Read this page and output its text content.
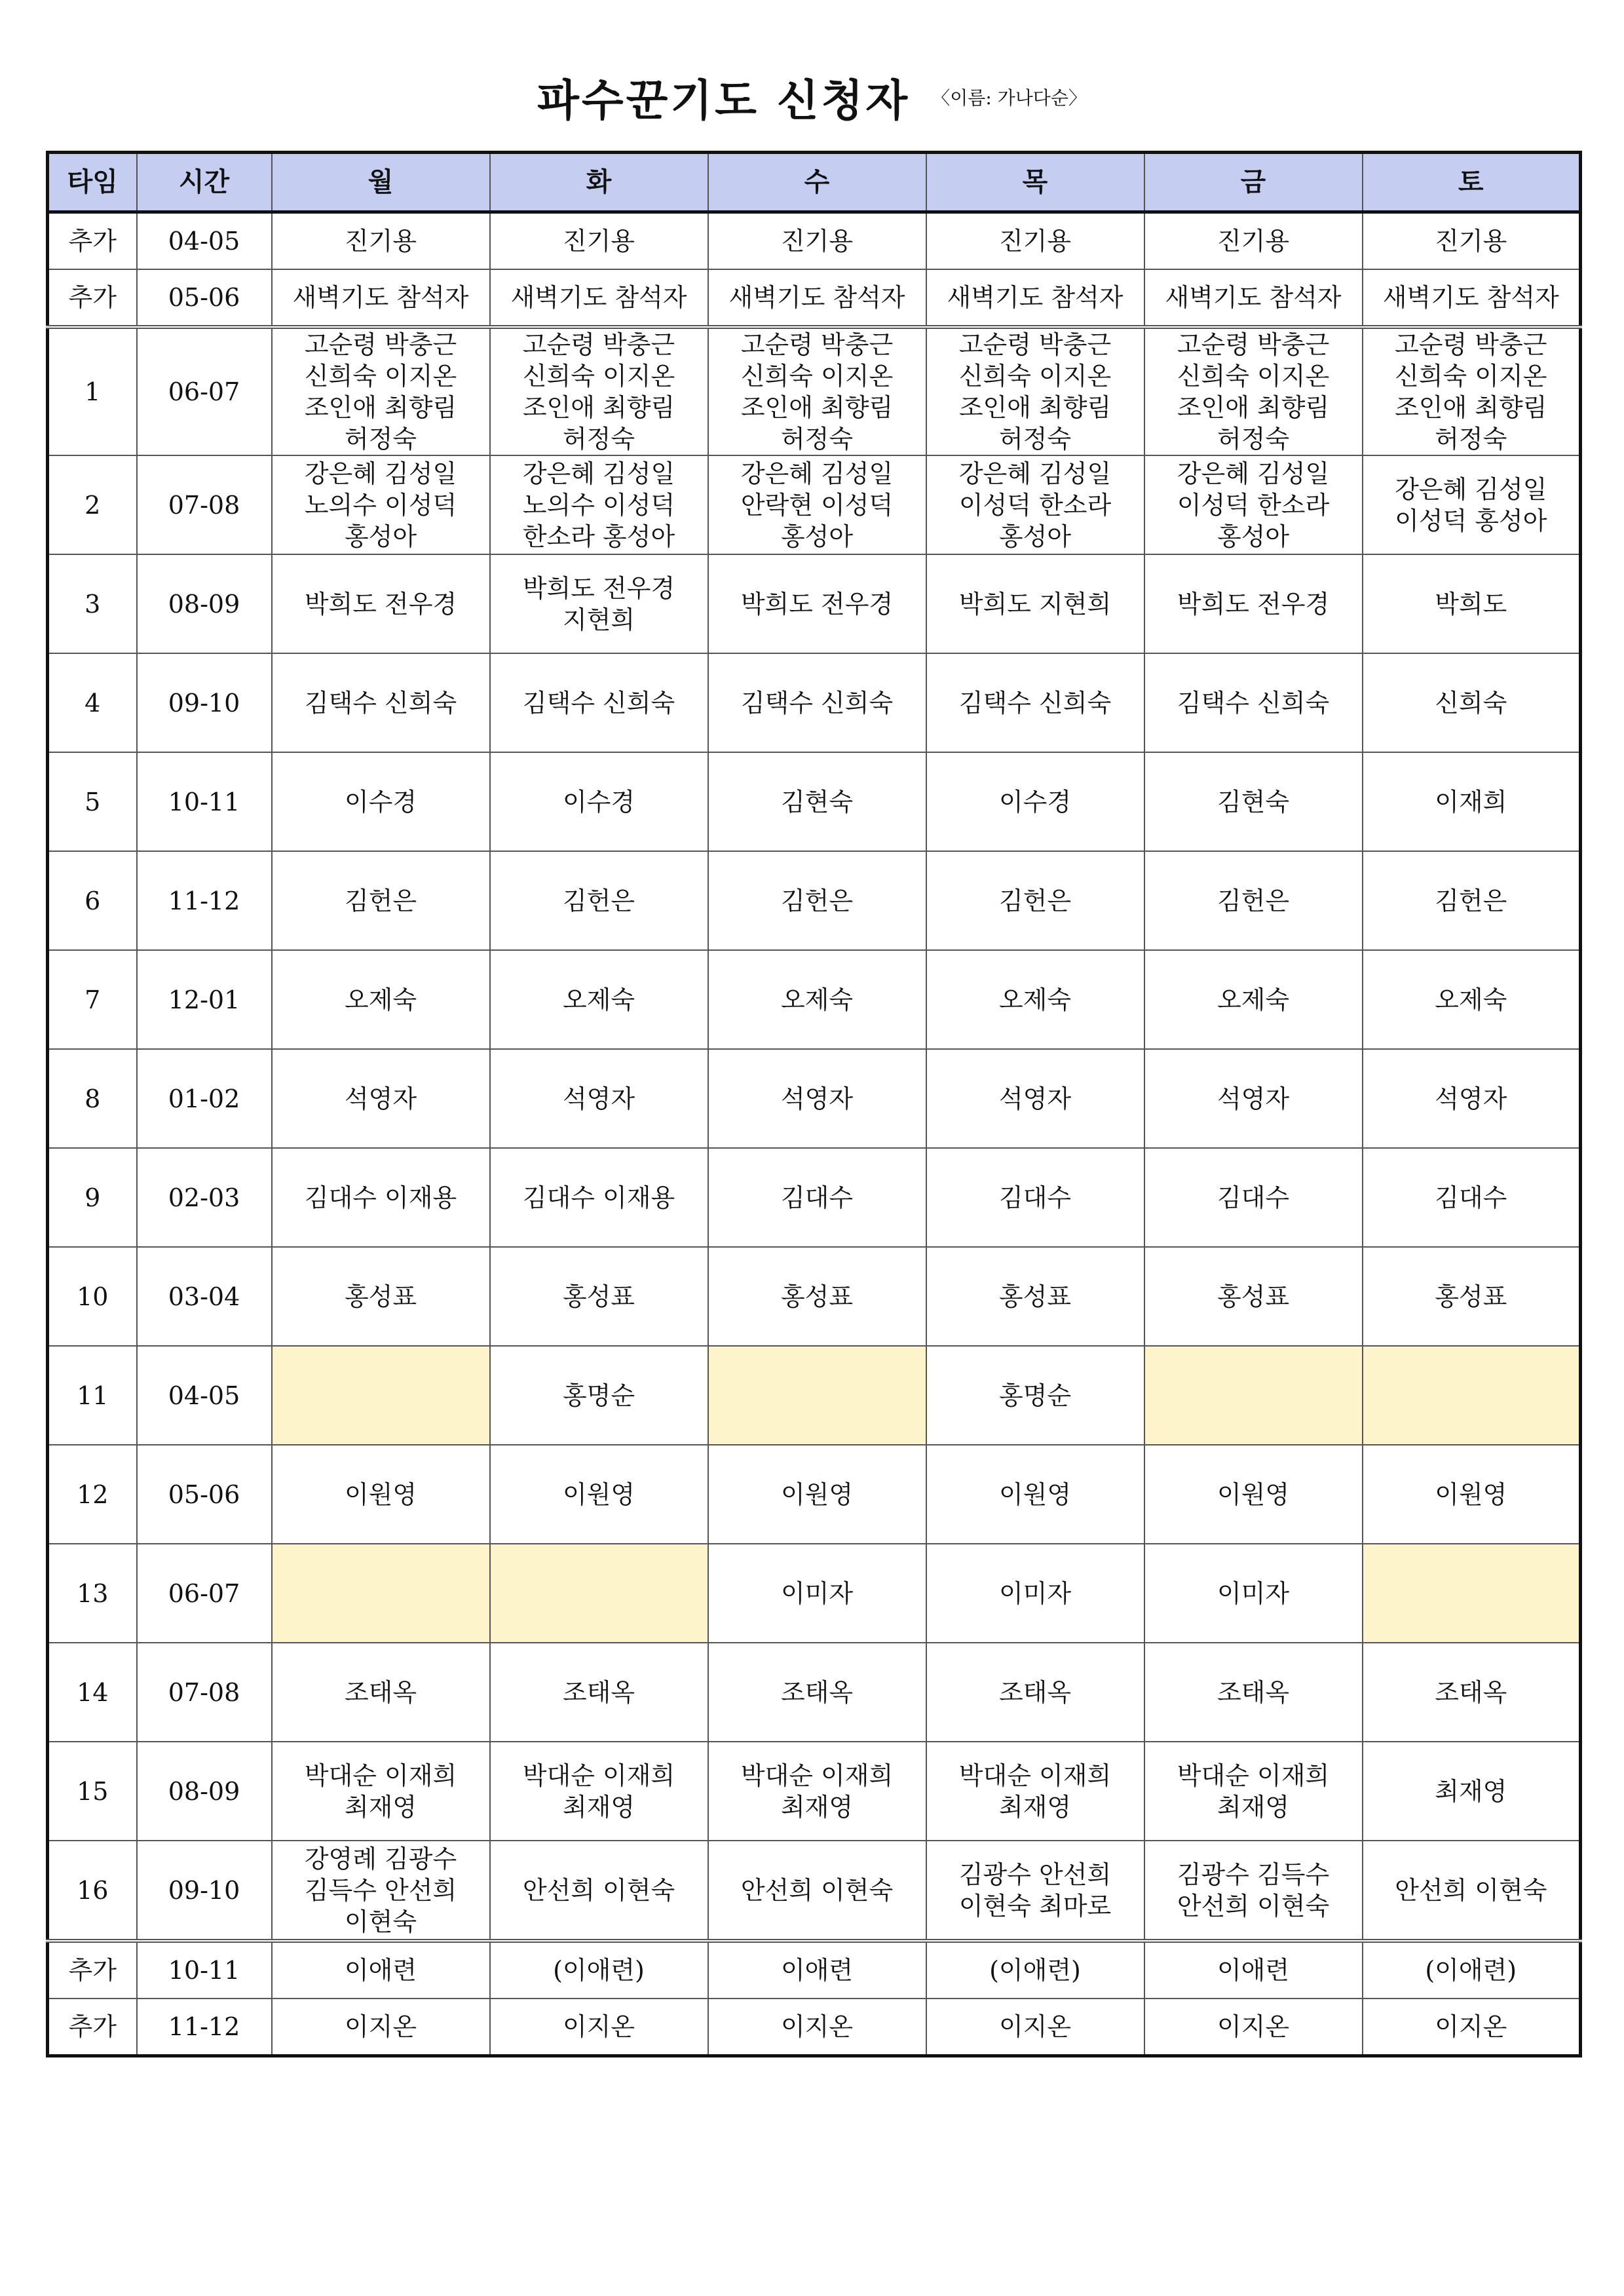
파수꾼기도 신청자 〈이름: 가나다순〉
타임	시간	월	화	수	목	금	토
추가	04-05	진기용	진기용	진기용	진기용	진기용	진기용
추가	05-06	새벽기도 참석자	새벽기도 참석자	새벽기도 참석자	새벽기도 참석자	새벽기도 참석자	새벽기도 참석자
1	06-07	고순령 박충근
신희숙 이지온
조인애 최향림
허정숙	고순령 박충근
신희숙 이지온
조인애 최향림
허정숙	고순령 박충근
신희숙 이지온
조인애 최향림
허정숙	고순령 박충근
신희숙 이지온
조인애 최향림
허정숙	고순령 박충근
신희숙 이지온
조인애 최향림
허정숙	고순령 박충근
신희숙 이지온
조인애 최향림
허정숙
2	07-08	강은혜 김성일
노의수 이성덕
홍성아	강은혜 김성일
노의수 이성덕
한소라 홍성아	강은혜 김성일
안락현 이성덕
홍성아	강은혜 김성일
이성덕 한소라
홍성아	강은혜 김성일
이성덕 한소라
홍성아	강은혜 김성일
이성덕 홍성아
3	08-09	박희도 전우경	박희도 전우경
지현희	박희도 전우경	박희도 지현희	박희도 전우경	박희도
4	09-10	김택수 신희숙	김택수 신희숙	김택수 신희숙	김택수 신희숙	김택수 신희숙	신희숙
5	10-11	이수경	이수경	김현숙	이수경	김현숙	이재희
6	11-12	김헌은	김헌은	김헌은	김헌은	김헌은	김헌은
7	12-01	오제숙	오제숙	오제숙	오제숙	오제숙	오제숙
8	01-02	석영자	석영자	석영자	석영자	석영자	석영자
9	02-03	김대수 이재용	김대수 이재용	김대수	김대수	김대수	김대수
10	03-04	홍성표	홍성표	홍성표	홍성표	홍성표	홍성표
11	04-05		홍명순		홍명순		
12	05-06	이원영	이원영	이원영	이원영	이원영	이원영
13	06-07			이미자	이미자	이미자	
14	07-08	조태옥	조태옥	조태옥	조태옥	조태옥	조태옥
15	08-09	박대순 이재희
최재영	박대순 이재희
최재영	박대순 이재희
최재영	박대순 이재희
최재영	박대순 이재희
최재영	최재영
16	09-10	강영례 김광수
김득수 안선희
이현숙	안선희 이현숙	안선희 이현숙	김광수 안선희
이현숙 최마로	김광수 김득수
안선희 이현숙	안선희 이현숙
추가	10-11	이애련	(이애련)	이애련	(이애련)	이애련	(이애련)
추가	11-12	이지온	이지온	이지온	이지온	이지온	이지온
